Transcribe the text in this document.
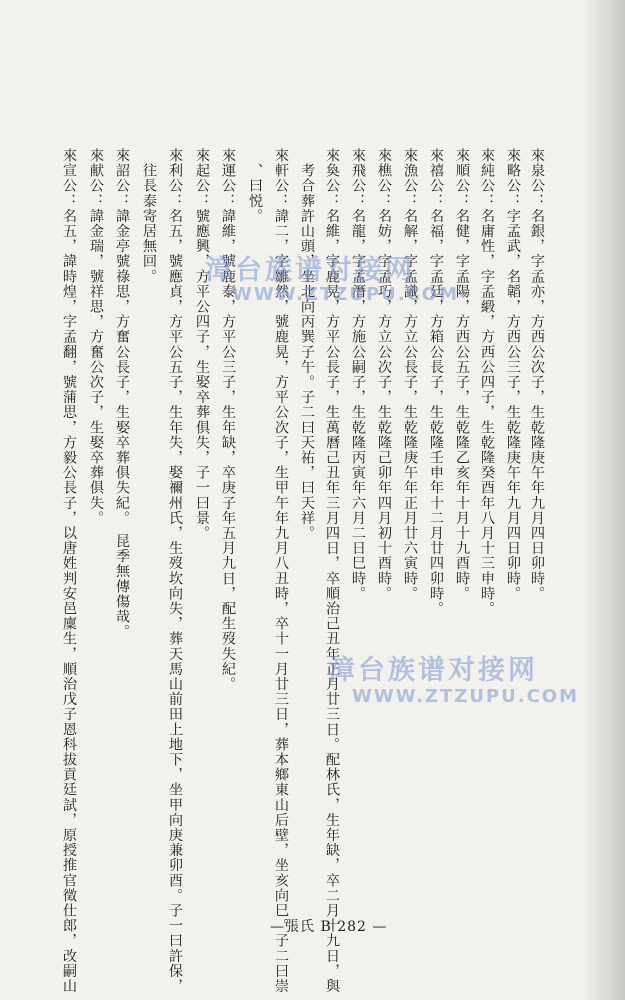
來泉公：名銀，字孟亦，方西公次子，生乾隆庚午年九月四日卯時。
來略公：字孟武，名韜，方西公三子，生乾隆庚午年九月四日卯時。
來純公：名庸性，字孟緞，方西公四子，生乾隆癸酉年八月十三申時。
來順公：名健，字孟陽，方西公五子，生乾隆乙亥年十月十九酉時。
來禧公：名福，字孟廷，方箱公長子，生乾隆壬申年十二月廿四卯時。
來漁公：名解，字孟識，方立公長子，生乾隆庚午年正月廿六寅時。
來樵公：名妨，字孟巧，方立公次子，生乾隆己卯年四月初十酉時。
來飛公：名龍，字孟潛，方施公嗣子，生乾隆丙寅年六月二日巳時。
來奐公：名維，字鹿晃，方平公長子，生萬曆己丑年三月四日，卒順治己丑年正月廿三日。配林氏，生年缺，卒二月十九日，與
　考合葬許山頭，坐北向丙巽子午。子二曰天祐，曰天祥。
來軒公：諱二，字雛然，號鹿晃，方平公次子，生甲午年九月八丑時，卒十一月廿三日，葬本鄉東山后壁，坐亥向巳。子二曰崇
　、曰悦。
來運公：諱維，號鹿泰，方平公三子，生年缺，卒庚子年五月九日，配生歿失紀。
來起公：號應興，方平公四子，生娶卒葬俱失，子一曰景。
來利公：名五，號應貞，方平公五子，生年失，娶禰州氏，生歿坎向失，葬天馬山前田上地下，坐甲向庚兼卯酉。子一曰許保，
　往長泰寄居無回。
來詔公：諱金亭號祿思，方奮公長子，生娶卒葬俱失紀。　昆季無傳傷哉。
來献公：諱金瑞，號祥思，方奮公次子，生娶卒葬俱失。
來宣公：名五，諱時煌，字孟翻，號蒲思，方毅公長子，以唐姓判安邑廩生，順治戊子恩科拔貢廷試，原授推官徵仕郎，改嗣山	漳台族谱对接网
WWW.ZTZUPU.COM
漳台族谱对接网
WWW.ZTZUPU.COM
—張氏 B 282 —
